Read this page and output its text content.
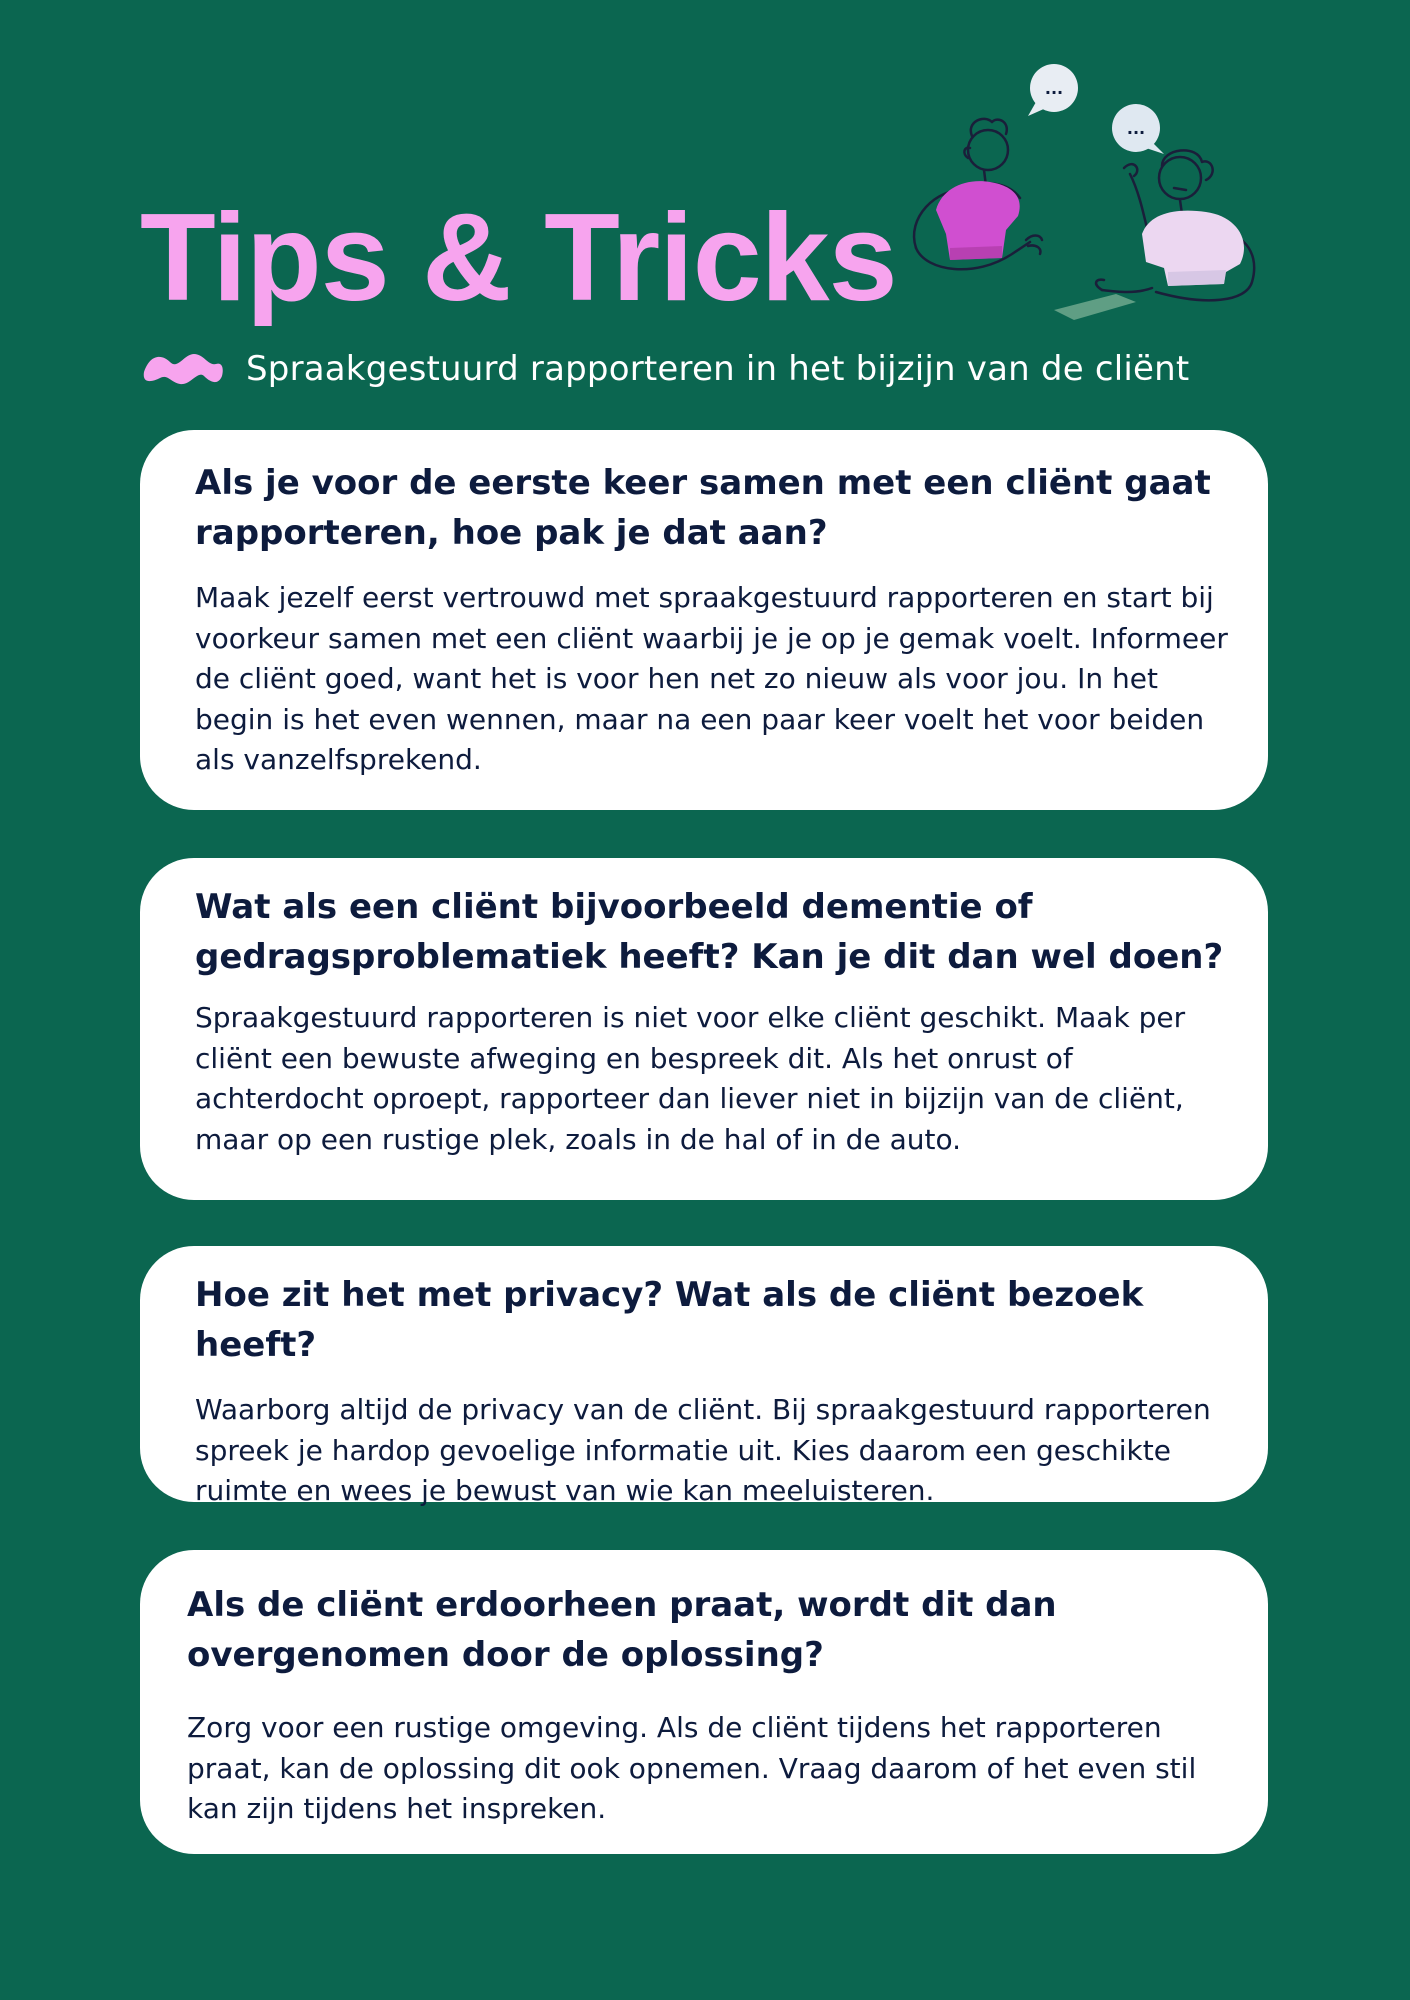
Tips & Tricks
Spraakgestuurd rapporteren in het bijzijn van de cliënt
...
...
Als je voor de eerste keer samen met een cliënt gaat rapporteren, hoe pak je dat aan?

Maak jezelf eerst vertrouwd met spraakgestuurd rapporteren en start bij voorkeur samen met een cliënt waarbij je je op je gemak voelt. Informeer de cliënt goed, want het is voor hen net zo nieuw als voor jou. In het begin is het even wennen, maar na een paar keer voelt het voor beiden als vanzelfsprekend.

Wat als een cliënt bijvoorbeeld dementie of gedragsproblematiek heeft? Kan je dit dan wel doen?

Spraakgestuurd rapporteren is niet voor elke cliënt geschikt. Maak per cliënt een bewuste afweging en bespreek dit. Als het onrust of achterdocht oproept, rapporteer dan liever niet in bijzijn van de cliënt, maar op een rustige plek, zoals in de hal of in de auto.

Hoe zit het met privacy? Wat als de cliënt bezoek heeft?

Waarborg altijd de privacy van de cliënt. Bij spraakgestuurd rapporteren spreek je hardop gevoelige informatie uit. Kies daarom een geschikte ruimte en wees je bewust van wie kan meeluisteren.

Als de cliënt erdoorheen praat, wordt dit dan overgenomen door de oplossing?

Zorg voor een rustige omgeving. Als de cliënt tijdens het rapporteren praat, kan de oplossing dit ook opnemen. Vraag daarom of het even stil kan zijn tijdens het inspreken.
